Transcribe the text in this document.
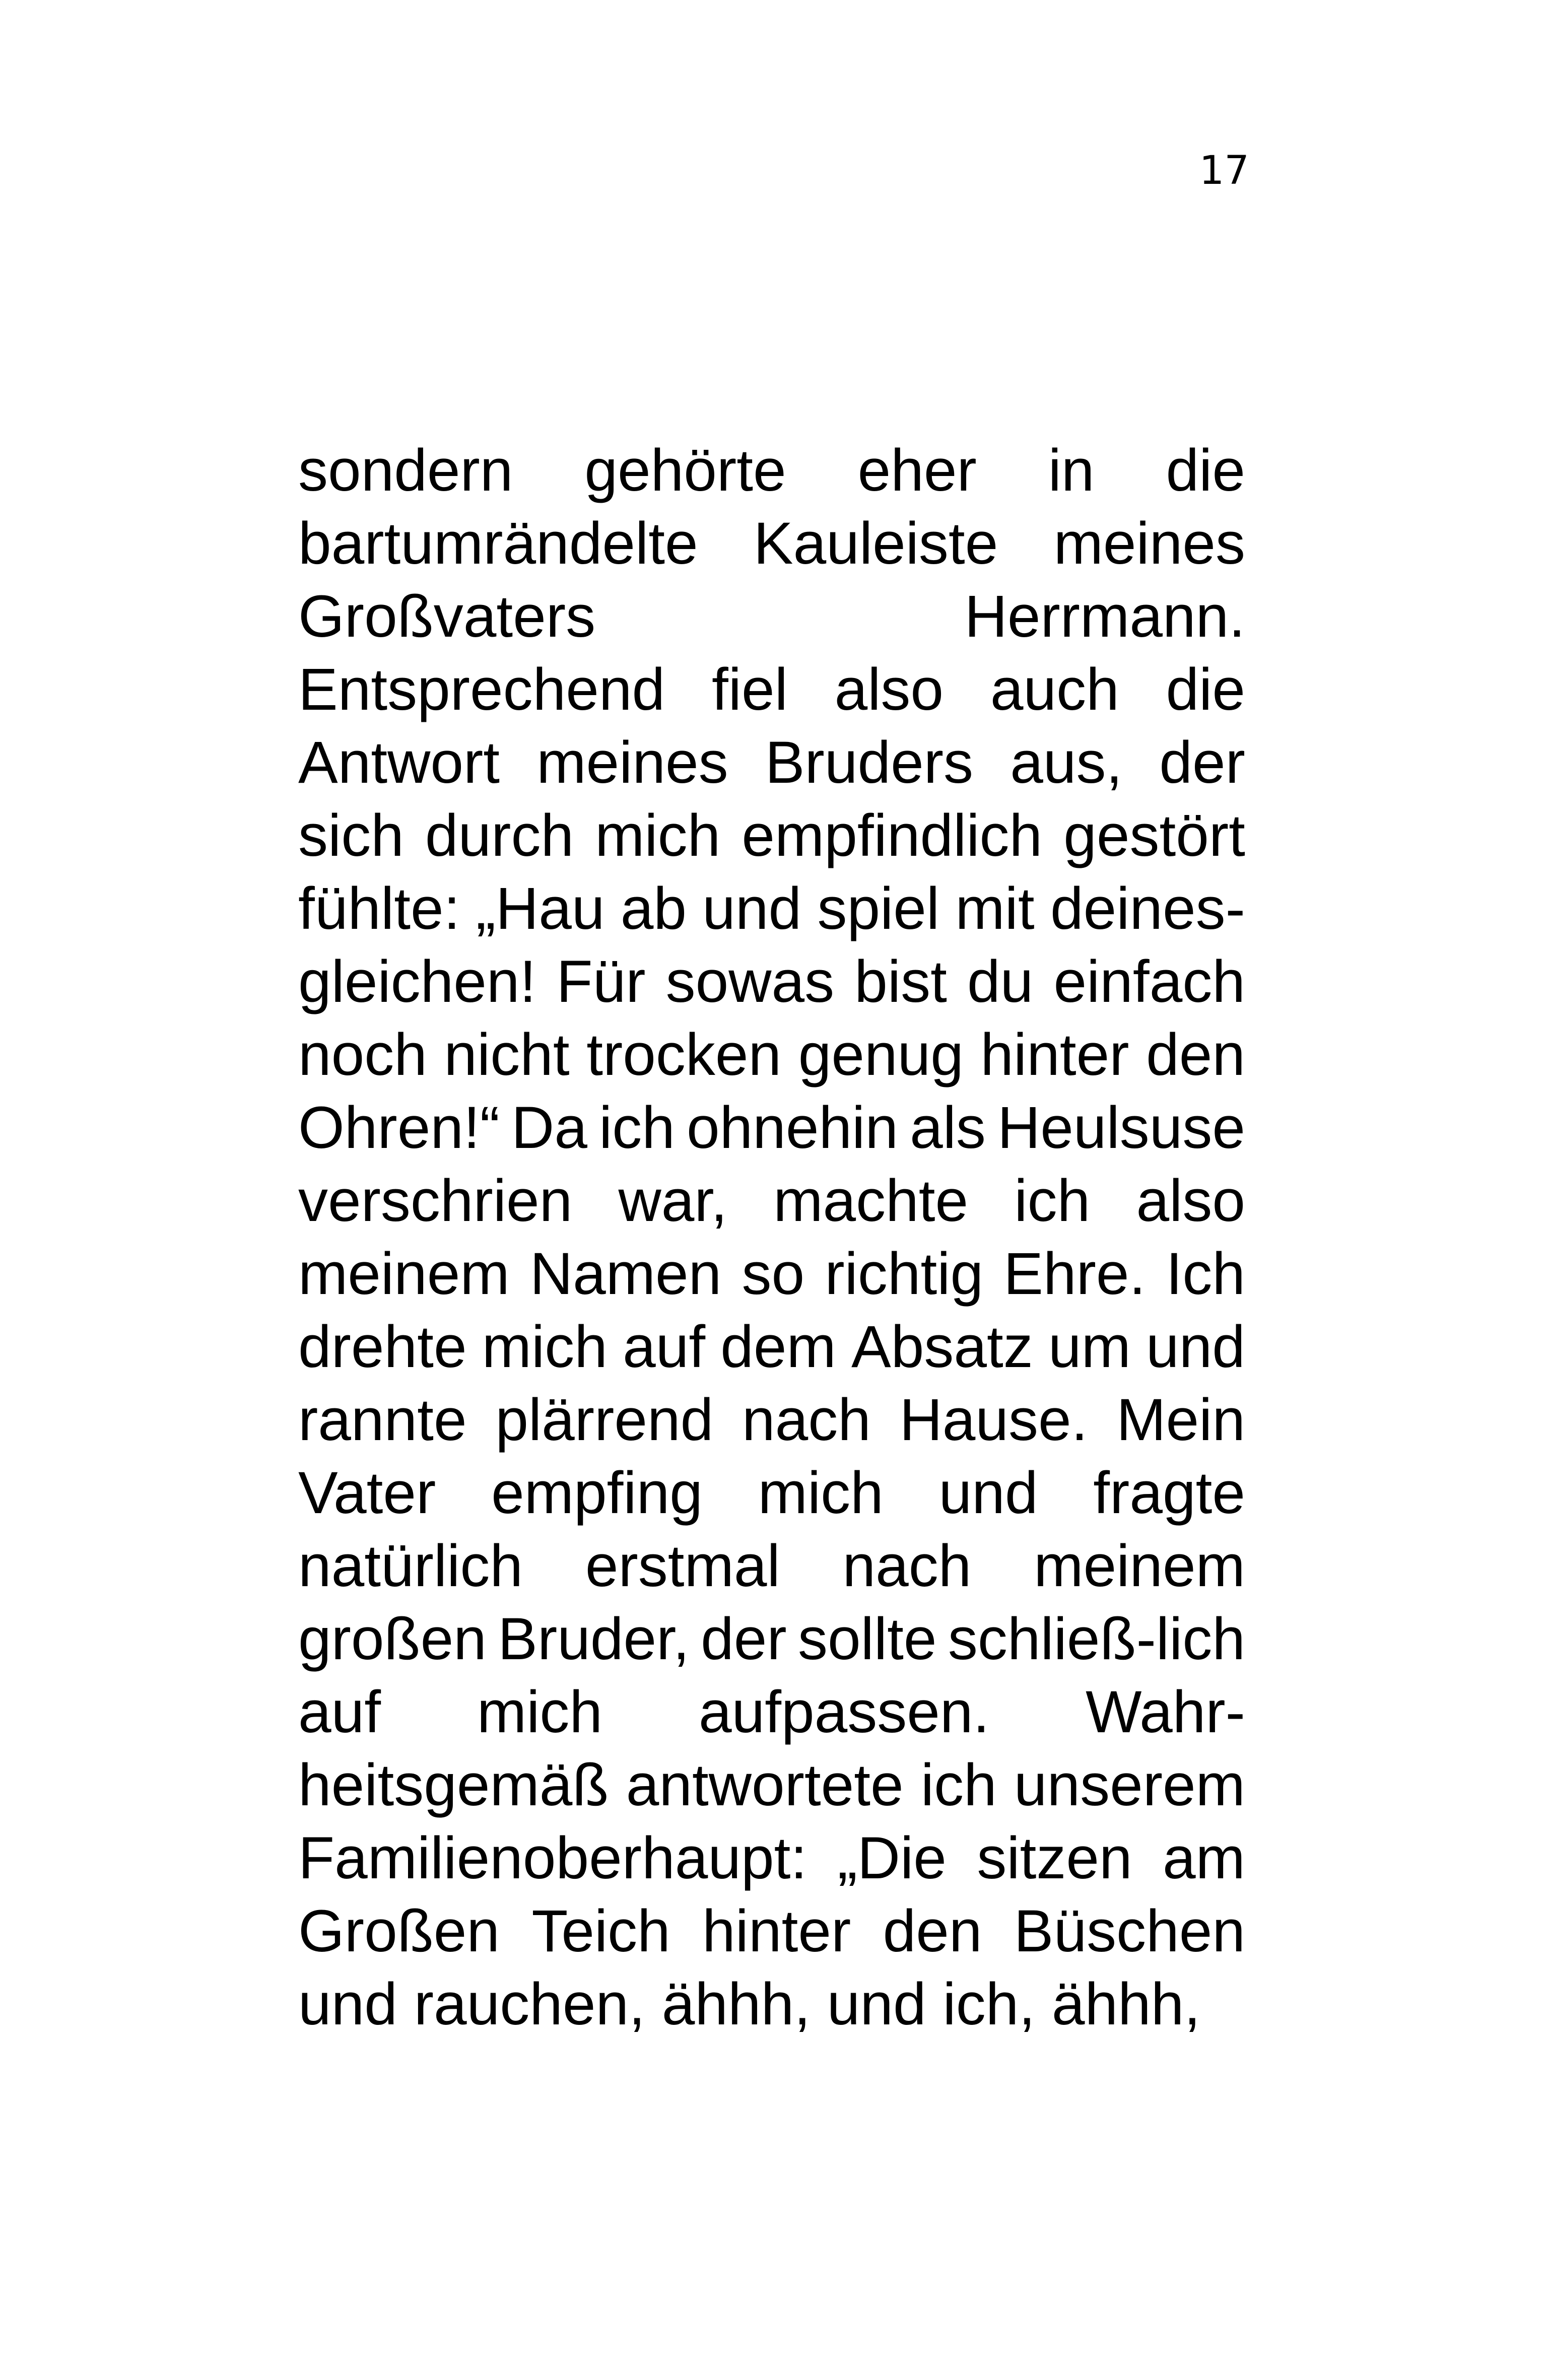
17
sondern gehörte eher in die
bartumrändelte Kauleiste meines
Großvaters	Herrmann.
Entsprechend fiel also auch die
Antwort meines Bruders aus, der
sich durch mich empfindlich gestört
fühlte: „Hau ab und spiel mit deines-
gleichen! Für sowas bist du einfach
noch nicht trocken genug hinter den
Ohren!“ Da ich ohnehin als Heulsuse
verschrien war, machte ich also
meinem Namen so richtig Ehre. Ich
drehte mich auf dem Absatz um und
rannte plärrend nach Hause. Mein
Vater empfing mich und fragte
natürlich erstmal nach meinem
großen Bruder, der sollte schließ-lich
auf mich aufpassen. Wahr-
heitsgemäß antwortete ich unserem
Familienoberhaupt: „Die sitzen am
Großen Teich hinter den Büschen
und rauchen, ähhh, und ich, ähhh,
